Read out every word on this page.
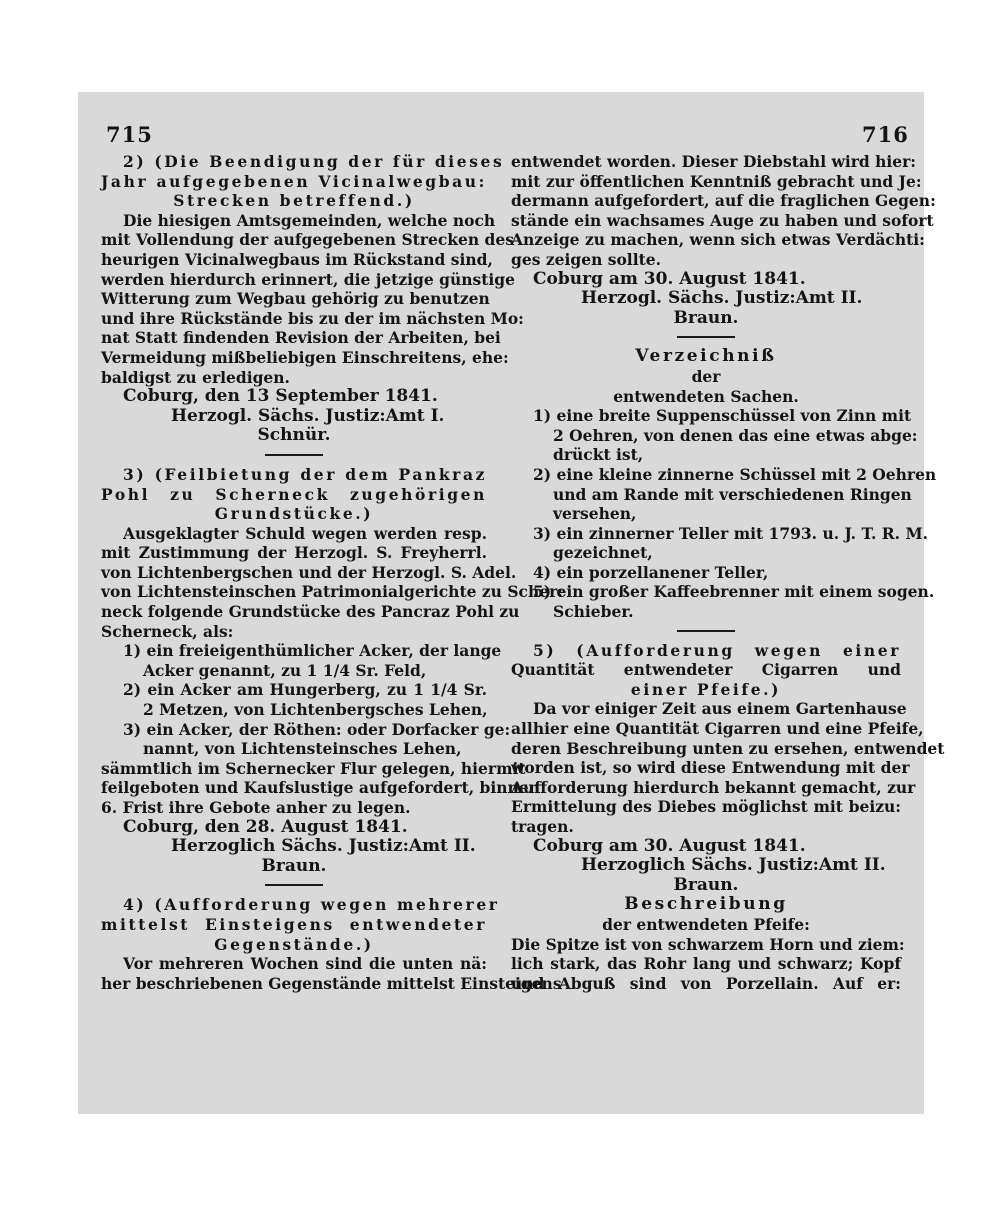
715	716
2) (Die Beendigung der für dieses
Jahr aufgegebenen Vicinalwegbau:
Strecken betreffend.)
Die hiesigen Amtsgemeinden, welche noch
mit Vollendung der aufgegebenen Strecken des
heurigen Vicinalwegbaus im Rückstand sind,
werden hierdurch erinnert, die jetzige günstige
Witterung zum Wegbau gehörig zu benutzen
und ihre Rückstände bis zu der im nächsten Mo:
nat Statt findenden Revision der Arbeiten, bei
Vermeidung mißbeliebigen Einschreitens, ehe:
baldigst zu erledigen.
Coburg, den 13 September 1841.
Herzogl. Sächs. Justiz:Amt I.
Schnür.
3) (Feilbietung der dem Pankraz
Pohl zu Scherneck zugehörigen
Grundstücke.)
Ausgeklagter Schuld wegen werden resp.
mit Zustimmung der Herzogl. S. Freyherrl.
von Lichtenbergschen und der Herzogl. S. Adel.
von Lichtensteinschen Patrimonialgerichte zu Scher:
neck folgende Grundstücke des Pancraz Pohl zu
Scherneck, als:
1) ein freieigenthümlicher Acker, der lange
Acker genannt, zu 1 1/4 Sr. Feld,
2) ein Acker am Hungerberg, zu 1 1/4 Sr.
2 Metzen, von Lichtenbergsches Lehen,
3) ein Acker, der Röthen: oder Dorfacker ge:
nannt, von Lichtensteinsches Lehen,
sämmtlich im Schernecker Flur gelegen, hiermit
feilgeboten und Kaufslustige aufgefordert, binnen
6. Frist ihre Gebote anher zu legen.
Coburg, den 28. August 1841.
Herzoglich Sächs. Justiz:Amt II.
Braun.
4) (Aufforderung wegen mehrerer
mittelst Einsteigens entwendeter
Gegenstände.)
Vor mehreren Wochen sind die unten nä:
her beschriebenen Gegenstände mittelst Einsteigens
entwendet worden. Dieser Diebstahl wird hier:
mit zur öffentlichen Kenntniß gebracht und Je:
dermann aufgefordert, auf die fraglichen Gegen:
stände ein wachsames Auge zu haben und sofort
Anzeige zu machen, wenn sich etwas Verdächti:
ges zeigen sollte.
Coburg am 30. August 1841.
Herzogl. Sächs. Justiz:Amt II.
Braun.
Verzeichniß
der
entwendeten Sachen.
1) eine breite Suppenschüssel von Zinn mit
2 Oehren, von denen das eine etwas abge:
drückt ist,
2) eine kleine zinnerne Schüssel mit 2 Oehren
und am Rande mit verschiedenen Ringen
versehen,
3) ein zinnerner Teller mit 1793. u. J. T. R. M.
gezeichnet,
4) ein porzellanener Teller,
5) ein großer Kaffeebrenner mit einem sogen.
Schieber.
5) (Aufforderung wegen einer
Quantität entwendeter Cigarren und
einer Pfeife.)
Da vor einiger Zeit aus einem Gartenhause
allhier eine Quantität Cigarren und eine Pfeife,
deren Beschreibung unten zu ersehen, entwendet
worden ist, so wird diese Entwendung mit der
Aufforderung hierdurch bekannt gemacht, zur
Ermittelung des Diebes möglichst mit beizu:
tragen.
Coburg am 30. August 1841.
Herzoglich Sächs. Justiz:Amt II.
Braun.
Beschreibung
der entwendeten Pfeife:
Die Spitze ist von schwarzem Horn und ziem:
lich stark, das Rohr lang und schwarz; Kopf
und Abguß sind von Porzellain. Auf er:
